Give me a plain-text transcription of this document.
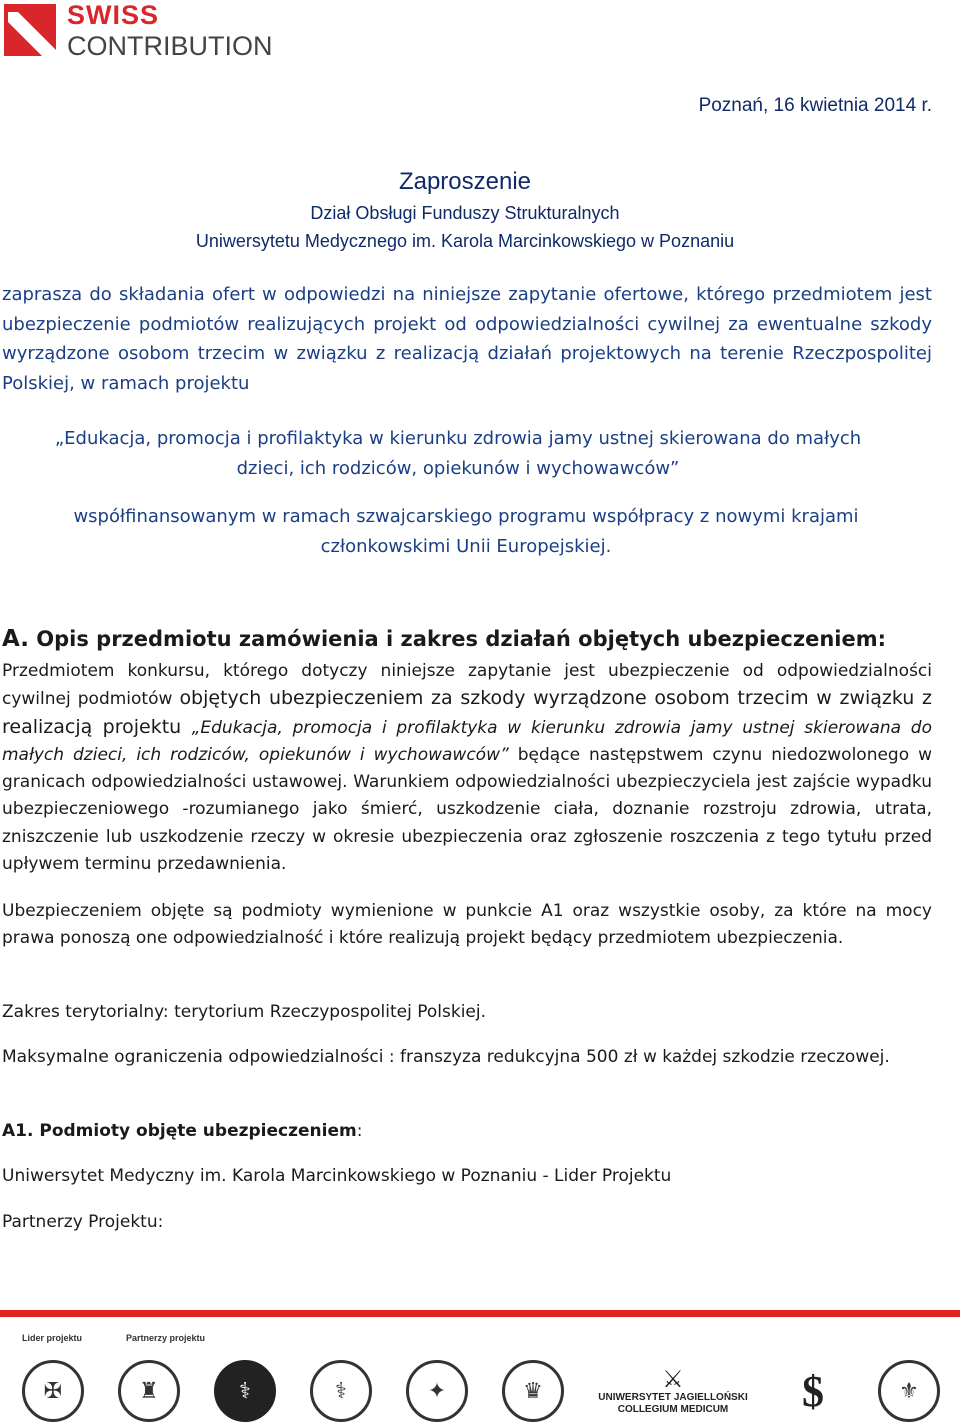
SWISS
CONTRIBUTION
Poznań, 16 kwietnia 2014 r.
Zaproszenie
Dział Obsługi Funduszy Strukturalnych
Uniwersytetu Medycznego im. Karola Marcinkowskiego w Poznaniu
zaprasza do składania ofert w odpowiedzi na niniejsze zapytanie ofertowe, którego przedmiotem jest ubezpieczenie podmiotów realizujących projekt od odpowiedzialności cywilnej za ewentualne szkody wyrządzone osobom trzecim w związku z realizacją działań projektowych na terenie Rzeczpospolitej Polskiej, w ramach projektu
„Edukacja, promocja i profilaktyka w kierunku zdrowia jamy ustnej skierowana do małych
dzieci, ich rodziców, opiekunów i wychowawców”
współfinansowanym w ramach szwajcarskiego programu współpracy z nowymi krajami
członkowskimi Unii Europejskiej.
A. Opis przedmiotu zamówienia i zakres działań objętych ubezpieczeniem:
Przedmiotem konkursu, którego dotyczy niniejsze zapytanie jest ubezpieczenie od odpowiedzialności cywilnej podmiotów objętych ubezpieczeniem za szkody wyrządzone osobom trzecim w związku z realizacją projektu „Edukacja, promocja i profilaktyka w kierunku zdrowia jamy ustnej skierowana do małych dzieci, ich rodziców, opiekunów i wychowawców” będące następstwem czynu niedozwolonego w granicach odpowiedzialności ustawowej. Warunkiem odpowiedzialności ubezpieczyciela jest zajście wypadku ubezpieczeniowego -rozumianego jako śmierć, uszkodzenie ciała, doznanie rozstroju zdrowia, utrata, zniszczenie lub uszkodzenie rzeczy w okresie ubezpieczenia oraz zgłoszenie roszczenia z tego tytułu przed upływem terminu przedawnienia.
Ubezpieczeniem objęte są podmioty wymienione w punkcie A1 oraz wszystkie osoby, za które na mocy prawa ponoszą one odpowiedzialność i które realizują projekt będący przedmiotem ubezpieczenia.
Zakres terytorialny: terytorium Rzeczypospolitej Polskiej.
Maksymalne ograniczenia odpowiedzialności : franszyza redukcyjna 500 zł w każdej szkodzie rzeczowej.
A1. Podmioty objęte ubezpieczeniem:
Uniwersytet Medyczny im. Karola Marcinkowskiego w Poznaniu - Lider Projektu
Partnerzy Projektu:
Lider projektu	Partnerzy projektu
✠	♜	⚕	⚕	✦	♛	⚔
UNIWERSYTET JAGIELLOŃSKI
COLLEGIUM MEDICUM	$	⚜
